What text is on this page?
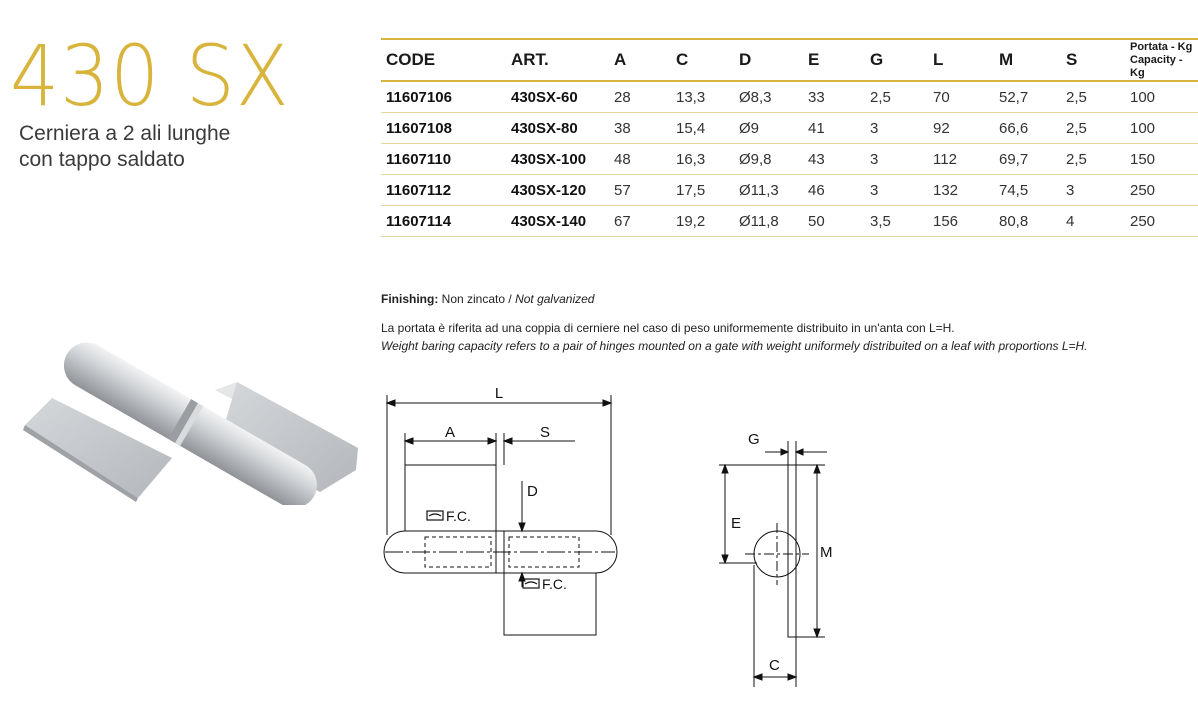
430 SX
Cerniera a 2 ali lunghe
con tappo saldato
CODE	ART.	A	C	D	E	G	L	M	S	Portata - Kg
Capacity - Kg

11607106	430SX-60	28	13,3	Ø8,3	33	2,5	70	52,7	2,5	100
11607108	430SX-80	38	15,4	Ø9	41	3	92	66,6	2,5	100
11607110	430SX-100	48	16,3	Ø9,8	43	3	112	69,7	2,5	150
11607112	430SX-120	57	17,5	Ø11,3	46	3	132	74,5	3	250
11607114	430SX-140	67	19,2	Ø11,8	50	3,5	156	80,8	4	250
Finishing: Non zincato / Not galvanized
La portata è riferita ad una coppia di cerniere nel caso di peso uniformemente distribuito in un'anta con L=H.
Weight baring capacity refers to a pair of hinges mounted on a gate with weight uniformely distribuited on a leaf with proportions L=H.
L
A	S
D
F.C.
F.C.
G
E
M
C
